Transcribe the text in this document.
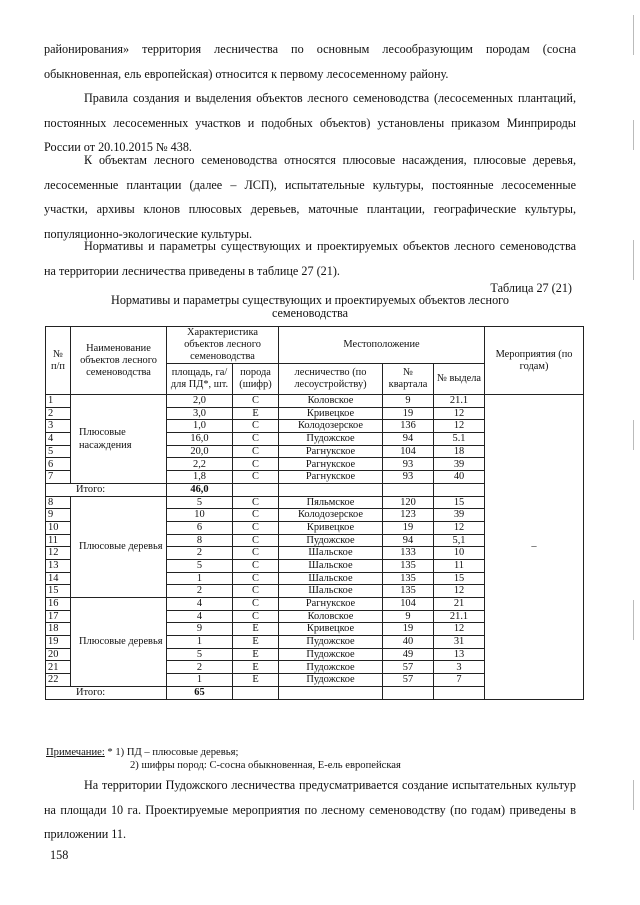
районирования» территория лесничества по основным лесообразующим породам (сосна обыкновенная, ель европейская) относится к первому лесосеменному району.

Правила создания и выделения объектов лесного семеноводства (лесосеменных плантаций, постоянных лесосеменных участков и подобных объектов) установлены приказом Минприроды России от 20.10.2015 № 438.

К объектам лесного семеноводства относятся плюсовые насаждения, плюсовые деревья, лесосеменные плантации (далее – ЛСП), испытательные культуры, постоянные лесосеменные участки, архивы клонов плюсовых деревьев, маточные плантации, географические культуры, популяционно-экологические культуры.

Нормативы и параметры существующих и проектируемых объектов лесного семеноводства на территории лесничества приведены в таблице 27 (21).

Таблица 27 (21)
Нормативы и параметры существующих и проектируемых объектов лесного семеноводства
№ п/п	Наименование объектов лесного семеноводства	Характеристика объектов лесного семеноводства		Местоположение			Мероприятия (по годам)

		площадь, га/ для ПД*, шт.	порода (шифр)	лесничество (по лесоустройству)	№ квартала	№ выдела	
1	Плюсовые насаждения	2,0	С	Коловское	9	21.1	–
2		3,0	Е	Кривецкое	19	12	
3		1,0	С	Колодозерское	136	12	
4		16,0	С	Пудожское	94	5.1	
5		20,0	С	Рагнукское	104	18	
6		2,2	С	Рагнукское	93	39	
7		1,8	С	Рагнукское	93	40	
Итого:		46,0					
8	Плюсовые деревья	5	С	Пяльмское	120	15	
9		10	С	Колодозерское	123	39	
10		6	С	Кривецкое	19	12	
11		8	С	Пудожское	94	5,1	
12		2	С	Шальское	133	10	
13		5	С	Шальское	135	11	
14		1	С	Шальское	135	15	
15		2	С	Шальское	135	12	
16	Плюсовые деревья	4	С	Рагнукское	104	21	
17		4	С	Коловское	9	21.1	
18		9	Е	Кривецкое	19	12	
19		1	Е	Пудожское	40	31	
20		5	Е	Пудожское	49	13	
21		2	Е	Пудожское	57	3	
22		1	Е	Пудожское	57	7	
Итого:		65					
Примечание: * 1) ПД – плюсовые деревья;
2) шифры пород: С-сосна обыкновенная, Е-ель европейская

На территории Пудожского лесничества предусматривается создание испытательных культур на площади 10 га. Проектируемые мероприятия по лесному семеноводству (по годам) приведены в приложении 11.

158
